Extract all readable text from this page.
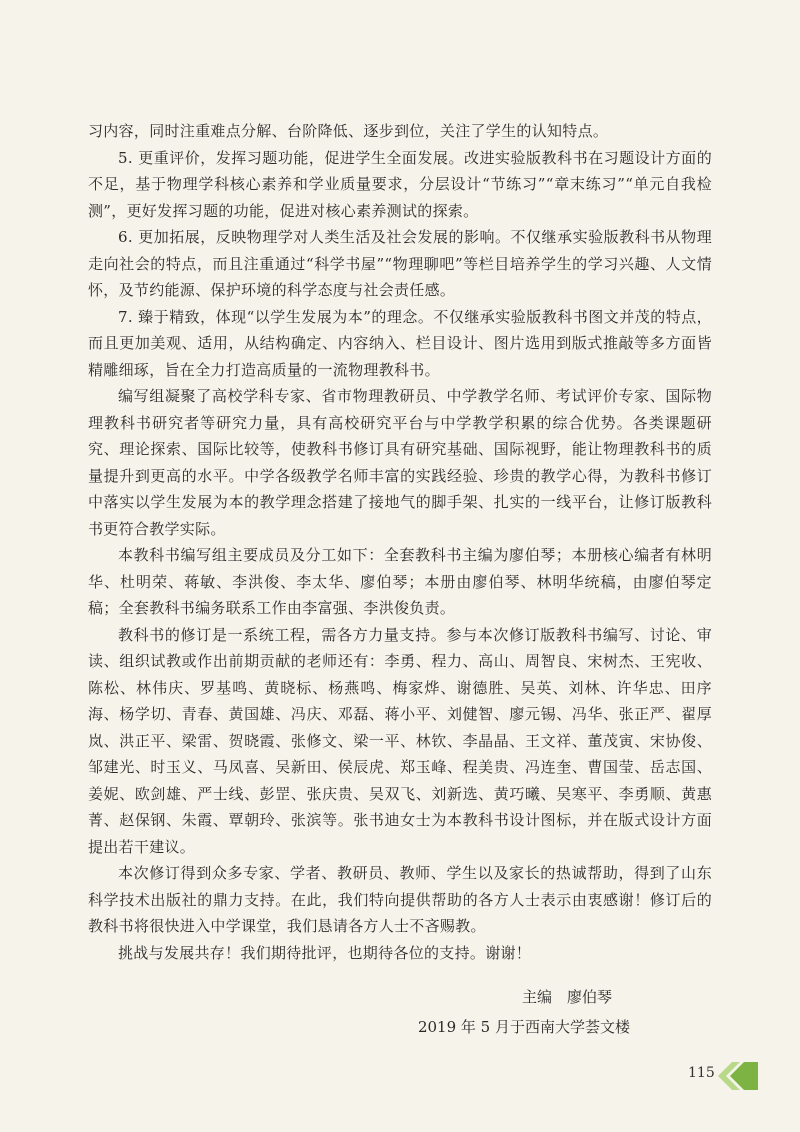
习内容，同时注重难点分解、台阶降低、逐步到位，关注了学生的认知特点。

5. 更重评价，发挥习题功能，促进学生全面发展。改进实验版教科书在习题设计方面的不足，基于物理学科核心素养和学业质量要求，分层设计“节练习”“章末练习”“单元自我检测”，更好发挥习题的功能，促进对核心素养测试的探索。

6. 更加拓展，反映物理学对人类生活及社会发展的影响。不仅继承实验版教科书从物理走向社会的特点，而且注重通过“科学书屋”“物理聊吧”等栏目培养学生的学习兴趣、人文情怀，及节约能源、保护环境的科学态度与社会责任感。

7. 臻于精致，体现“以学生发展为本”的理念。不仅继承实验版教科书图文并茂的特点，而且更加美观、适用，从结构确定、内容纳入、栏目设计、图片选用到版式推敲等多方面皆精雕细琢，旨在全力打造高质量的一流物理教科书。

编写组凝聚了高校学科专家、省市物理教研员、中学教学名师、考试评价专家、国际物理教科书研究者等研究力量，具有高校研究平台与中学教学积累的综合优势。各类课题研究、理论探索、国际比较等，使教科书修订具有研究基础、国际视野，能让物理教科书的质量提升到更高的水平。中学各级教学名师丰富的实践经验、珍贵的教学心得，为教科书修订中落实以学生发展为本的教学理念搭建了接地气的脚手架、扎实的一线平台，让修订版教科书更符合教学实际。

本教科书编写组主要成员及分工如下：全套教科书主编为廖伯琴；本册核心编者有林明华、杜明荣、蒋敏、李洪俊、李太华、廖伯琴；本册由廖伯琴、林明华统稿，由廖伯琴定稿；全套教科书编务联系工作由李富强、李洪俊负责。

教科书的修订是一系统工程，需各方力量支持。参与本次修订版教科书编写、讨论、审读、组织试教或作出前期贡献的老师还有：李勇、程力、高山、周智良、宋树杰、王宪收、陈松、林伟庆、罗基鸣、黄晓标、杨燕鸣、梅家烨、谢德胜、吴英、刘林、许华忠、田序海、杨学切、青春、黄国雄、冯庆、邓磊、蒋小平、刘健智、廖元锡、冯华、张正严、翟厚岚、洪正平、梁雷、贺晓霞、张修文、梁一平、林钦、李晶晶、王文祥、董茂寅、宋协俊、邹建光、时玉义、马凤喜、吴新田、侯辰虎、郑玉峰、程美贵、冯连奎、曹国莹、岳志国、姜妮、欧剑雄、严士线、彭罡、张庆贵、吴双飞、刘新选、黄巧曦、吴寒平、李勇顺、黄惠菁、赵保钢、朱霞、覃朝玲、张滨等。张书迪女士为本教科书设计图标，并在版式设计方面提出若干建议。

本次修订得到众多专家、学者、教研员、教师、学生以及家长的热诚帮助，得到了山东科学技术出版社的鼎力支持。在此，我们特向提供帮助的各方人士表示由衷感谢！修订后的教科书将很快进入中学课堂，我们恳请各方人士不吝赐教。

挑战与发展共存！我们期待批评，也期待各位的支持。谢谢！

主编　廖伯琴
2019 年 5 月于西南大学荟文楼
115
